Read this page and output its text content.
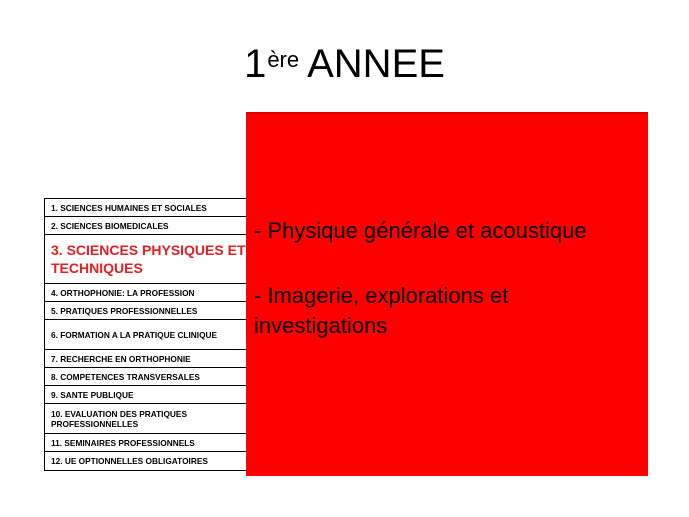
1ère ANNEE
1. SCIENCES HUMAINES ET SOCIALES
2. SCIENCES BIOMEDICALES
3. SCIENCES PHYSIQUES ET TECHNIQUES
4. ORTHOPHONIE: LA PROFESSION
5. PRATIQUES PROFESSIONNELLES
6. FORMATION A LA PRATIQUE CLINIQUE
7. RECHERCHE EN ORTHOPHONIE
8. COMPETENCES TRANSVERSALES
9. SANTE PUBLIQUE
10. EVALUATION DES PRATIQUES PROFESSIONNELLES
11. SEMINAIRES PROFESSIONNELS
12. UE OPTIONNELLES OBLIGATOIRES
- Physique générale et acoustique
- Imagerie, explorations et investigations
